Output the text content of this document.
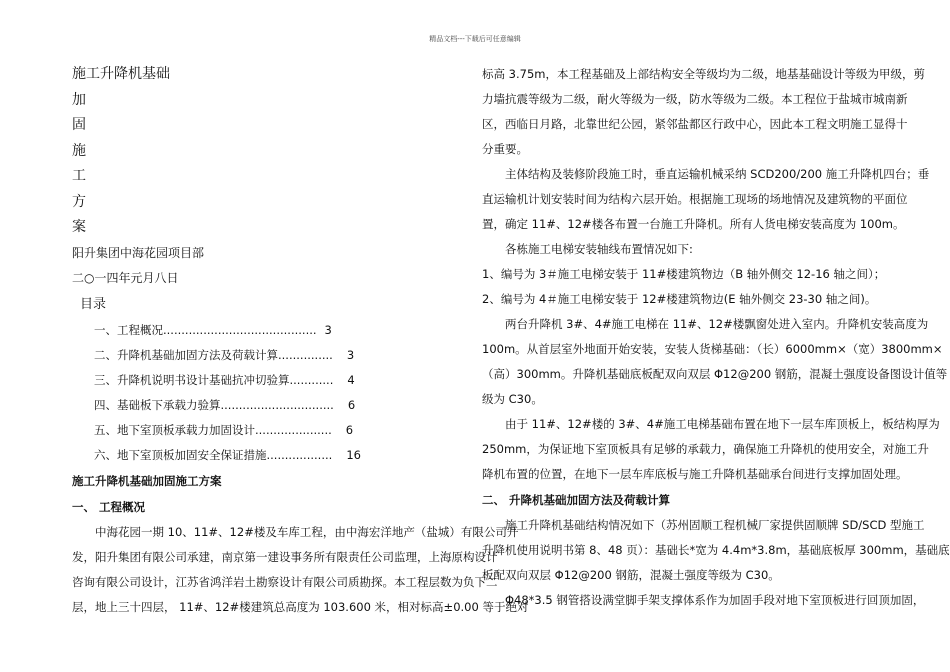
精品文档---下载后可任意编辑
施工升降机基础
加
固
施
工
方
案
阳升集团中海花园项目部
二○一四年元月八日
目录
一、工程概况.......................................... 3
二、升降机基础加固方法及荷载计算............... 3
三、升降机说明书设计基础抗冲切验算............ 4
四、基础板下承载力验算............................... 6
五、地下室顶板承载力加固设计..................... 6
六、地下室顶板加固安全保证措施.................. 16
施工升降机基础加固施工方案
一、 工程概况
中海花园一期 10、11#、12#楼及车库工程，由中海宏洋地产（盐城）有限公司开
发，阳升集团有限公司承建，南京第一建设事务所有限责任公司监理，上海原构设计
咨询有限公司设计，江苏省鸿洋岩土勘察设计有限公司质勘探。本工程层数为负下二
层，地上三十四层， 11#、12#楼建筑总高度为 103.600 米，相对标高±0.00 等于绝对
标高 3.75m，本工程基础及上部结构安全等级均为二级，地基基础设计等级为甲级，剪
力墙抗震等级为二级，耐火等级为一级，防水等级为二级。本工程位于盐城市城南新
区，西临日月路，北靠世纪公园，紧邻盐都区行政中心，因此本工程文明施工显得十
分重要。
主体结构及装修阶段施工时，垂直运输机械采纳 SCD200/200 施工升降机四台；垂
直运输机计划安装时间为结构六层开始。根据施工现场的场地情况及建筑物的平面位
置，确定 11#、12#楼各布置一台施工升降机。所有人货电梯安装高度为 100m。
各栋施工电梯安装轴线布置情况如下:
1、编号为 3＃施工电梯安装于 11#楼建筑物边（B 轴外侧交 12-16 轴之间）；
2、编号为 4＃施工电梯安装于 12#楼建筑物边(E 轴外侧交 23-30 轴之间)。
两台升降机 3#、4#施工电梯在 11#、12#楼飘窗处进入室内。升降机安装高度为
100m。从首层室外地面开始安装，安装人货梯基础：（长）6000mm×（宽）3800mm×
（高）300mm。升降机基础底板配双向双层 Φ12@200 钢筋，混凝土强度设备图设计值等
级为 C30。
由于 11#、12#楼的 3#、4#施工电梯基础布置在地下一层车库顶板上，板结构厚为
250mm，为保证地下室顶板具有足够的承载力，确保施工升降机的使用安全，对施工升
降机布置的位置，在地下一层车库底板与施工升降机基础承台间进行支撑加固处理。
二、 升降机基础加固方法及荷载计算
施工升降机基础结构情况如下（苏州固顺工程机械厂家提供固顺牌 SD/SCD 型施工
升降机使用说明书第 8、48 页）：基础长*宽为 4.4m*3.8m，基础底板厚 300mm，基础底
板配双向双层 Φ12@200 钢筋，混凝土强度等级为 C30。
Φ48*3.5 钢管搭设满堂脚手架支撑体系作为加固手段对地下室顶板进行回顶加固，
